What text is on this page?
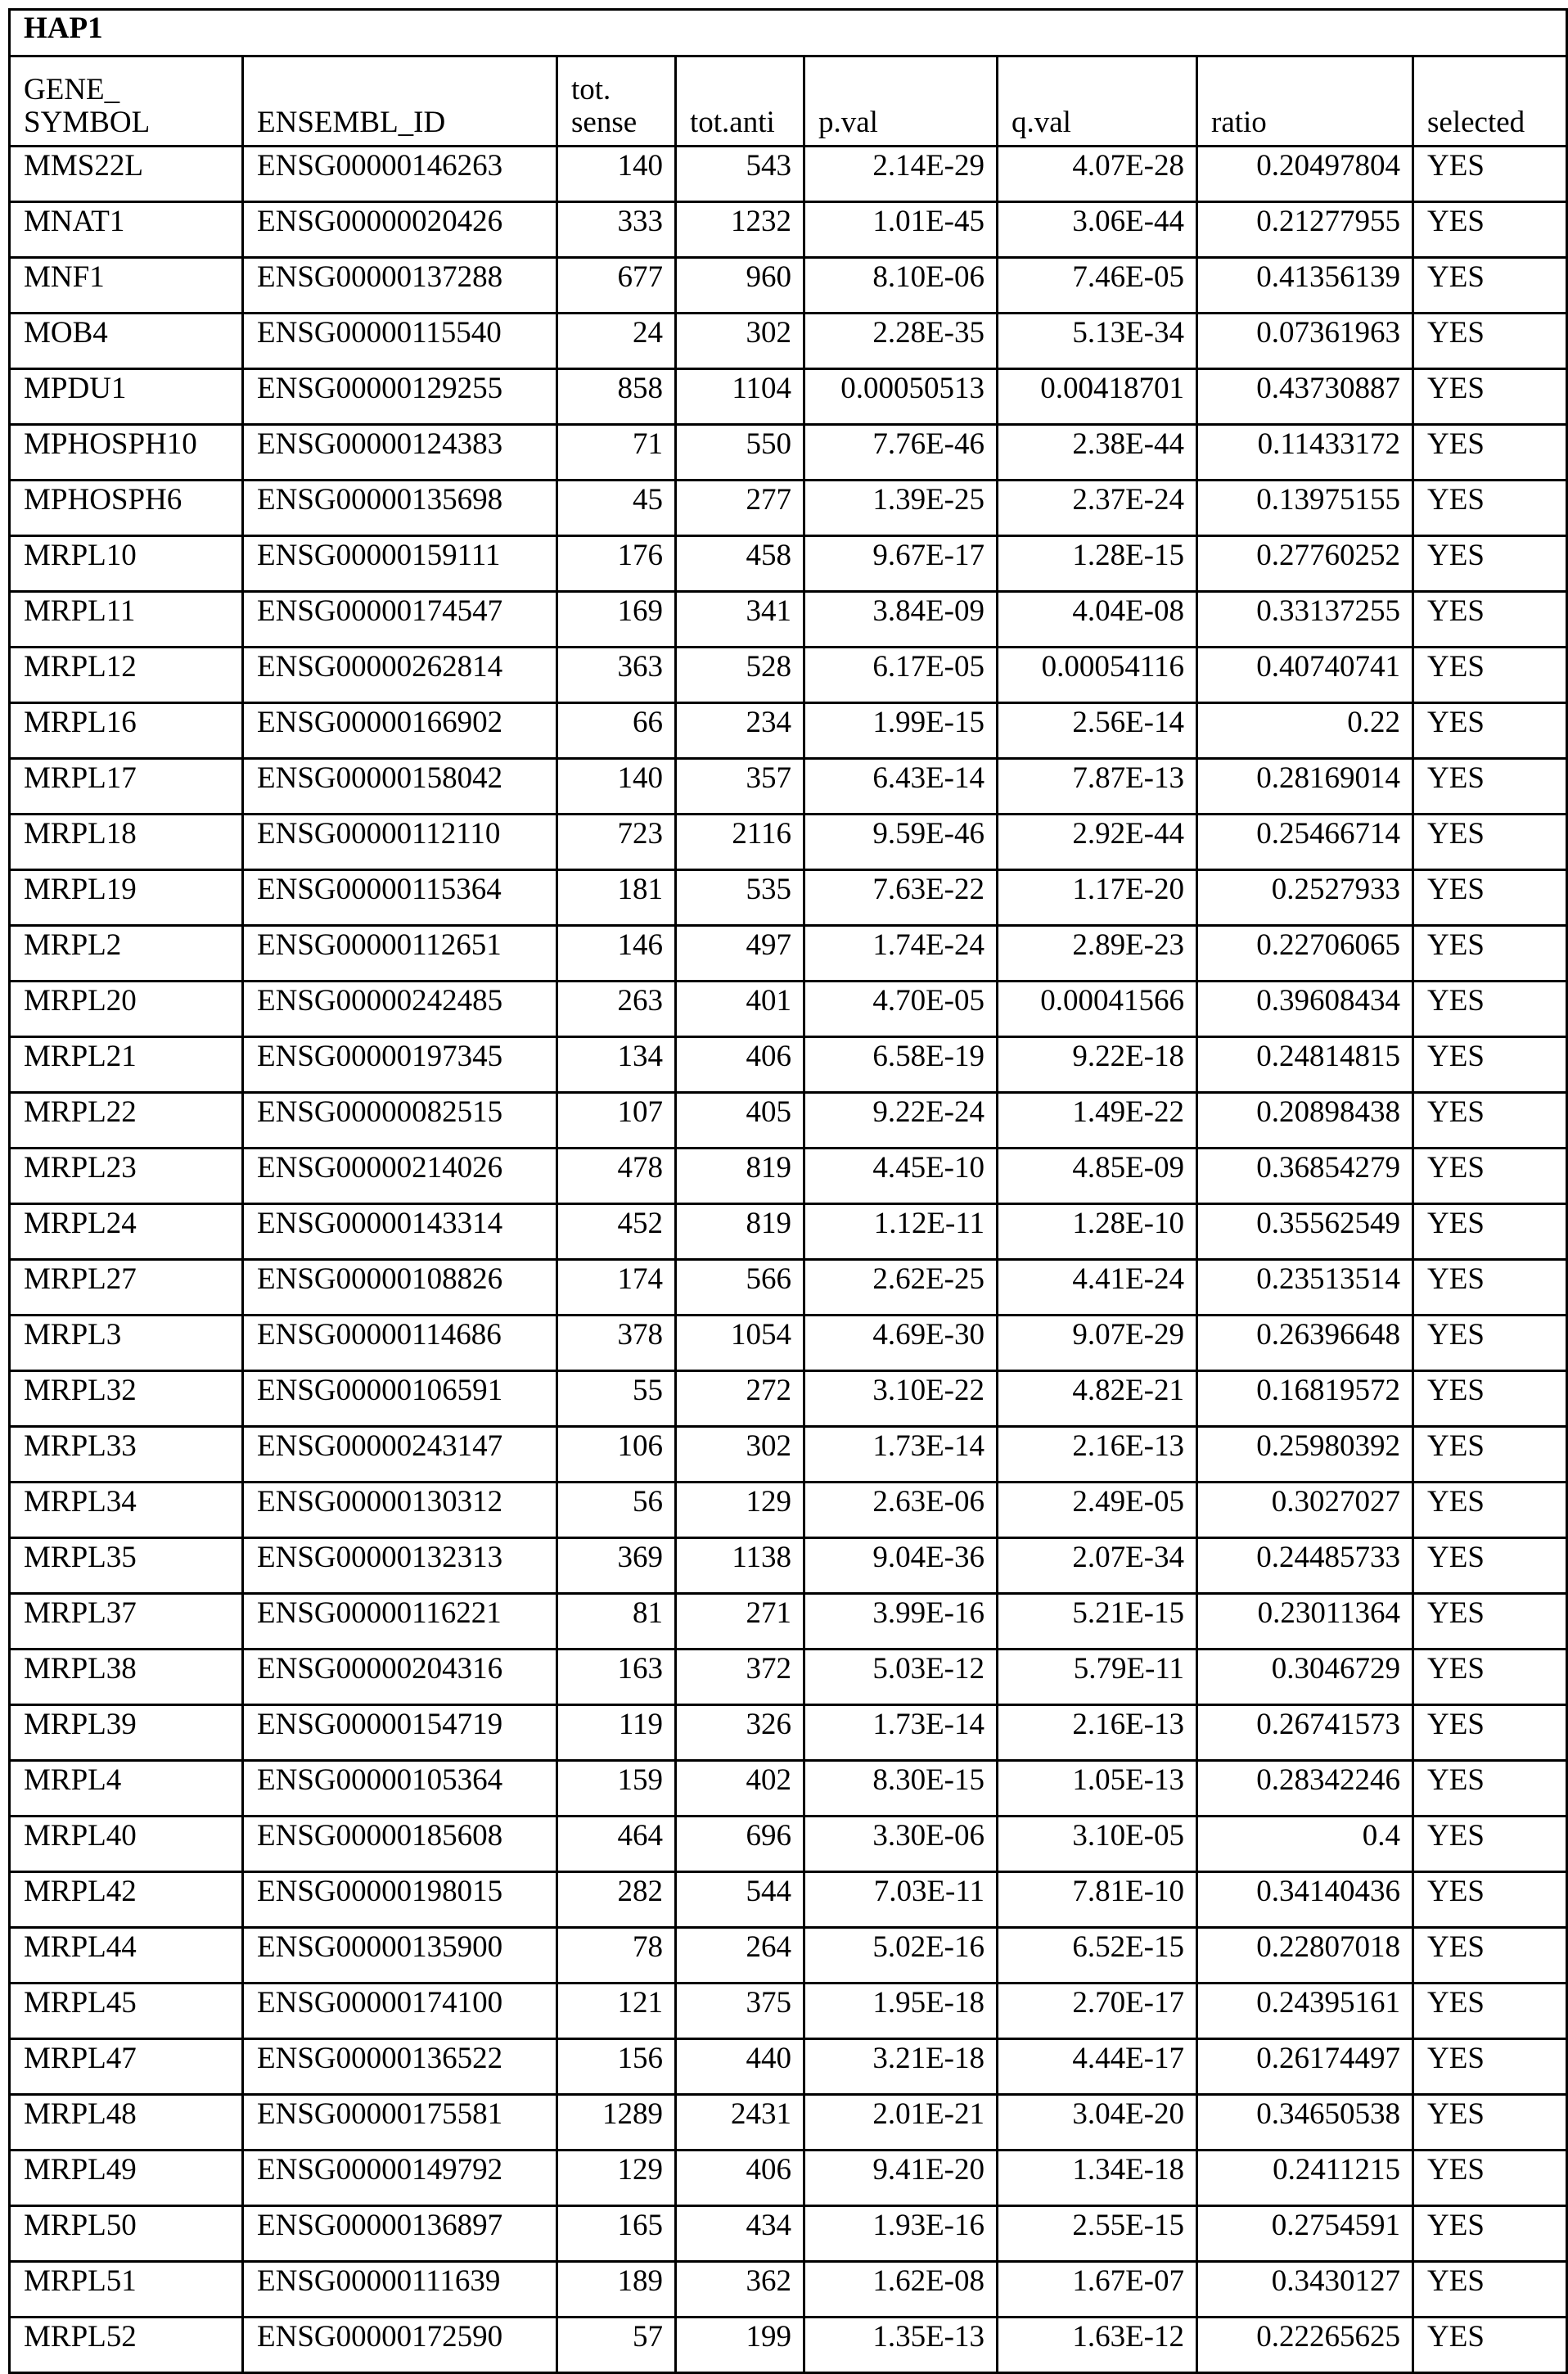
HAP1
GENE_
SYMBOL	ENSEMBL_ID	tot. sense	tot.anti	p.val	q.val	ratio	selected
MMS22L	ENSG00000146263	140	543	2.14E-29	4.07E-28	0.20497804	YES
MNAT1	ENSG00000020426	333	1232	1.01E-45	3.06E-44	0.21277955	YES
MNF1	ENSG00000137288	677	960	8.10E-06	7.46E-05	0.41356139	YES
MOB4	ENSG00000115540	24	302	2.28E-35	5.13E-34	0.07361963	YES
MPDU1	ENSG00000129255	858	1104	0.00050513	0.00418701	0.43730887	YES
MPHOSPH10	ENSG00000124383	71	550	7.76E-46	2.38E-44	0.11433172	YES
MPHOSPH6	ENSG00000135698	45	277	1.39E-25	2.37E-24	0.13975155	YES
MRPL10	ENSG00000159111	176	458	9.67E-17	1.28E-15	0.27760252	YES
MRPL11	ENSG00000174547	169	341	3.84E-09	4.04E-08	0.33137255	YES
MRPL12	ENSG00000262814	363	528	6.17E-05	0.00054116	0.40740741	YES
MRPL16	ENSG00000166902	66	234	1.99E-15	2.56E-14	0.22	YES
MRPL17	ENSG00000158042	140	357	6.43E-14	7.87E-13	0.28169014	YES
MRPL18	ENSG00000112110	723	2116	9.59E-46	2.92E-44	0.25466714	YES
MRPL19	ENSG00000115364	181	535	7.63E-22	1.17E-20	0.2527933	YES
MRPL2	ENSG00000112651	146	497	1.74E-24	2.89E-23	0.22706065	YES
MRPL20	ENSG00000242485	263	401	4.70E-05	0.00041566	0.39608434	YES
MRPL21	ENSG00000197345	134	406	6.58E-19	9.22E-18	0.24814815	YES
MRPL22	ENSG00000082515	107	405	9.22E-24	1.49E-22	0.20898438	YES
MRPL23	ENSG00000214026	478	819	4.45E-10	4.85E-09	0.36854279	YES
MRPL24	ENSG00000143314	452	819	1.12E-11	1.28E-10	0.35562549	YES
MRPL27	ENSG00000108826	174	566	2.62E-25	4.41E-24	0.23513514	YES
MRPL3	ENSG00000114686	378	1054	4.69E-30	9.07E-29	0.26396648	YES
MRPL32	ENSG00000106591	55	272	3.10E-22	4.82E-21	0.16819572	YES
MRPL33	ENSG00000243147	106	302	1.73E-14	2.16E-13	0.25980392	YES
MRPL34	ENSG00000130312	56	129	2.63E-06	2.49E-05	0.3027027	YES
MRPL35	ENSG00000132313	369	1138	9.04E-36	2.07E-34	0.24485733	YES
MRPL37	ENSG00000116221	81	271	3.99E-16	5.21E-15	0.23011364	YES
MRPL38	ENSG00000204316	163	372	5.03E-12	5.79E-11	0.3046729	YES
MRPL39	ENSG00000154719	119	326	1.73E-14	2.16E-13	0.26741573	YES
MRPL4	ENSG00000105364	159	402	8.30E-15	1.05E-13	0.28342246	YES
MRPL40	ENSG00000185608	464	696	3.30E-06	3.10E-05	0.4	YES
MRPL42	ENSG00000198015	282	544	7.03E-11	7.81E-10	0.34140436	YES
MRPL44	ENSG00000135900	78	264	5.02E-16	6.52E-15	0.22807018	YES
MRPL45	ENSG00000174100	121	375	1.95E-18	2.70E-17	0.24395161	YES
MRPL47	ENSG00000136522	156	440	3.21E-18	4.44E-17	0.26174497	YES
MRPL48	ENSG00000175581	1289	2431	2.01E-21	3.04E-20	0.34650538	YES
MRPL49	ENSG00000149792	129	406	9.41E-20	1.34E-18	0.2411215	YES
MRPL50	ENSG00000136897	165	434	1.93E-16	2.55E-15	0.2754591	YES
MRPL51	ENSG00000111639	189	362	1.62E-08	1.67E-07	0.3430127	YES
MRPL52	ENSG00000172590	57	199	1.35E-13	1.63E-12	0.22265625	YES
